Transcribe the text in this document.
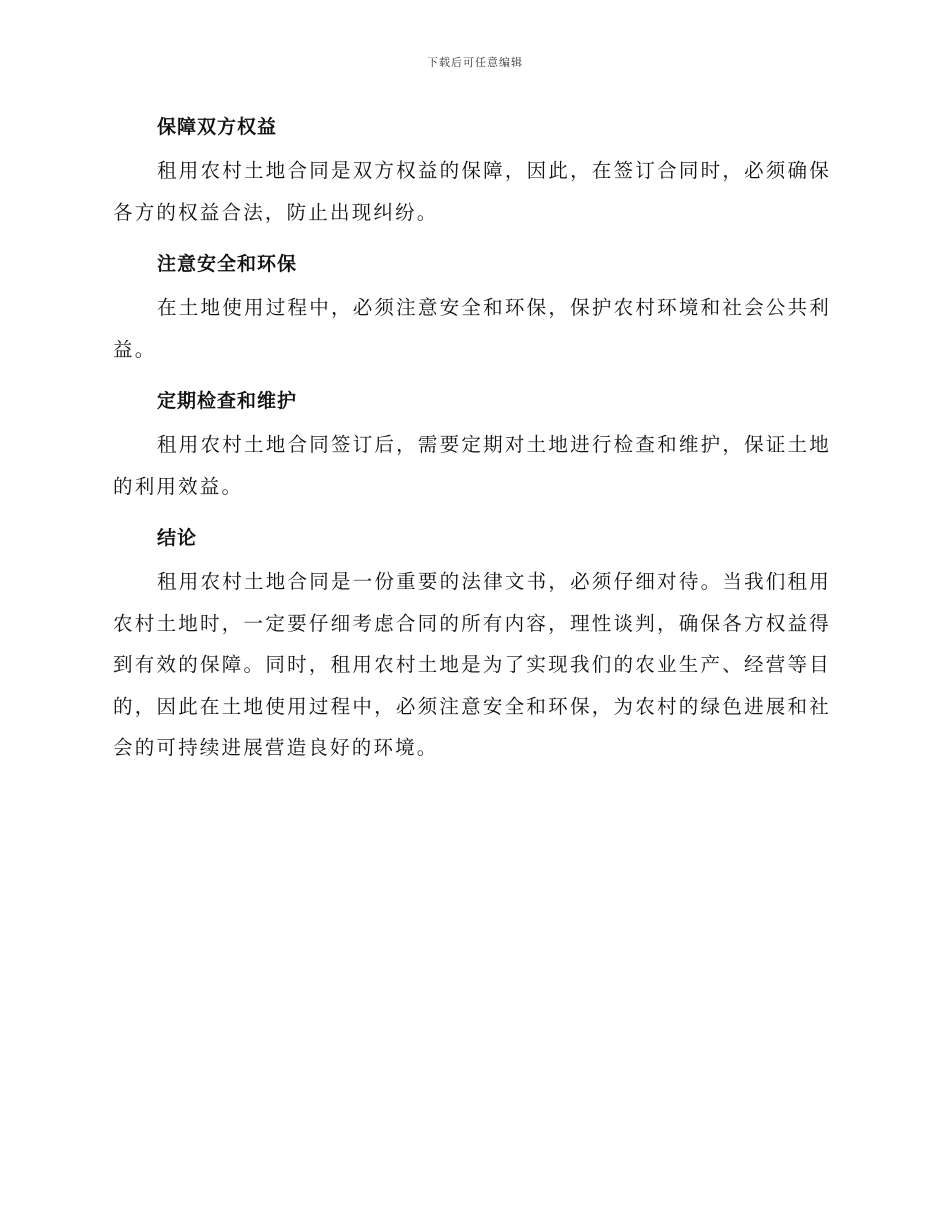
下载后可任意编辑
保障双方权益

租用农村土地合同是双方权益的保障，因此，在签订合同时，必须确保各方的权益合法，防止出现纠纷。

注意安全和环保

在土地使用过程中，必须注意安全和环保，保护农村环境和社会公共利益。

定期检查和维护

租用农村土地合同签订后，需要定期对土地进行检查和维护，保证土地的利用效益。

结论

租用农村土地合同是一份重要的法律文书，必须仔细对待。当我们租用农村土地时，一定要仔细考虑合同的所有内容，理性谈判，确保各方权益得到有效的保障。同时，租用农村土地是为了实现我们的农业生产、经营等目的，因此在土地使用过程中，必须注意安全和环保，为农村的绿色进展和社会的可持续进展营造良好的环境。
